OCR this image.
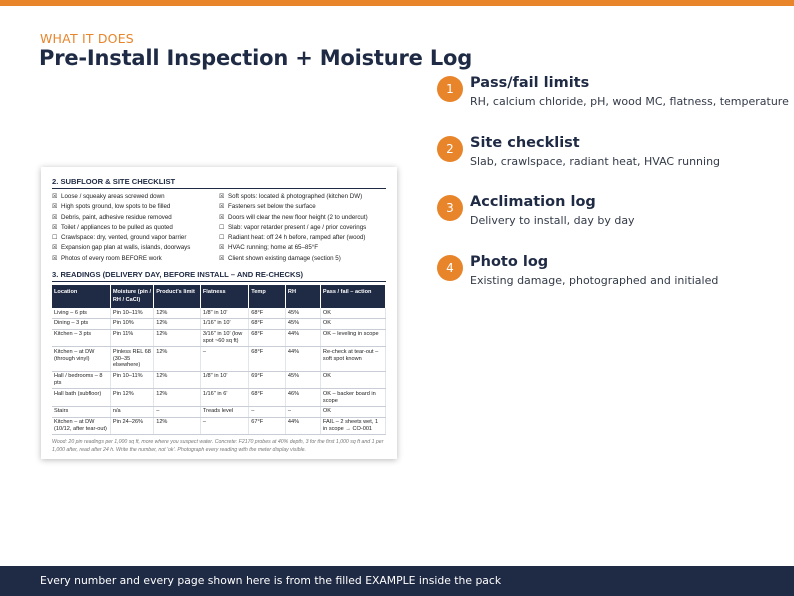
WHAT IT DOES
Pre-Install Inspection + Moisture Log
2. SUBFLOOR & SITE CHECKLIST
☒ Loose / squeaky areas screwed down
☒ High spots ground, low spots to be filled
☒ Debris, paint, adhesive residue removed
☒ Toilet / appliances to be pulled as quoted
☐ Crawlspace: dry, vented, ground vapor barrier
☒ Expansion gap plan at walls, islands, doorways
☒ Photos of every room BEFORE work
☒ Soft spots: located & photographed (kitchen DW)
☒ Fasteners set below the surface
☒ Doors will clear the new floor height (2 to undercut)
☐ Slab: vapor retarder present / age / prior coverings
☐ Radiant heat: off 24 h before, ramped after (wood)
☒ HVAC running; home at 65–85°F
☒ Client shown existing damage (section 5)
3. READINGS (DELIVERY DAY, BEFORE INSTALL – AND RE-CHECKS)
Location	Moisture (pin / RH / CaCl)	Product's limit	Flatness	Temp	RH	Pass / fail – action
Living – 6 pts	Pin 10–11%	12%	1/8" in 10'	68°F	45%	OK
Dining – 3 pts	Pin 10%	12%	1/16" in 10'	68°F	45%	OK
Kitchen – 3 pts	Pin 11%	12%	3/16" in 10' (low spot ~60 sq ft)	68°F	44%	OK – leveling in scope
Kitchen – at DW (through vinyl)	Pinless REL 68 (30–35 elsewhere)	12%	–	68°F	44%	Re-check at tear-out – soft spot known
Hall / bedrooms – 8 pts	Pin 10–11%	12%	1/8" in 10'	69°F	45%	OK
Hall bath (subfloor)	Pin 12%	12%	1/16" in 6'	68°F	46%	OK – backer board in scope
Stairs	n/a	–	Treads level	–	–	OK
Kitchen – at DW (10/12, after tear-out)	Pin 24–26%	12%	–	67°F	44%	FAIL – 2 sheets wet, 1 in scope → CO-001
Wood: 20 pin readings per 1,000 sq ft, more where you suspect water. Concrete: F2170 probes at 40% depth, 3 for the first 1,000 sq ft and 1 per 1,000 after, read after 24 h. Write the number, not 'ok'. Photograph every reading with the meter display visible.
1	Pass/fail limits
RH, calcium chloride, pH, wood MC, flatness, temperature
2	Site checklist
Slab, crawlspace, radiant heat, HVAC running
3	Acclimation log
Delivery to install, day by day
4	Photo log
Existing damage, photographed and initialed
Every number and every page shown here is from the filled EXAMPLE inside the pack
